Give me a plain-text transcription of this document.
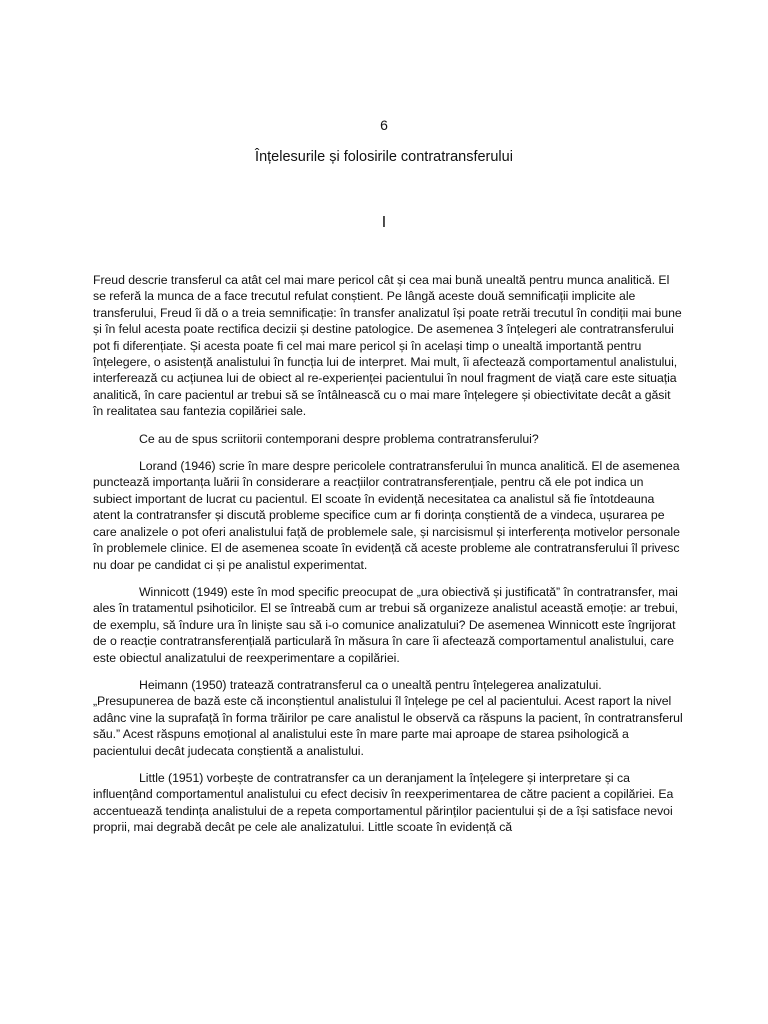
6
Înțelesurile și folosirile contratransferului
I

Freud descrie transferul ca atât cel mai mare pericol cât și cea mai bună unealtă pentru munca analitică. El se referă la munca de a face trecutul refulat conștient. Pe lângă aceste două semnificații implicite ale transferului, Freud îi dă o a treia semnificație: în transfer analizatul își poate retrăi trecutul în condiții mai bune și în felul acesta poate rectifica decizii și destine patologice. De asemenea 3 înțelegeri ale contratransferului pot fi diferențiate. Și acesta poate fi cel mai mare pericol și în același timp o unealtă importantă pentru înțelegere, o asistență analistului în funcția lui de interpret. Mai mult, îi afectează comportamentul analistului, interferează cu acțiunea lui de obiect al re-experienței pacientului în noul fragment de viață care este situația analitică, în care pacientul ar trebui să se întâlnească cu o mai mare înțelegere și obiectivitate decât a găsit în realitatea sau fantezia copilăriei sale.

Ce au de spus scriitorii contemporani despre problema contratransferului?

Lorand (1946) scrie în mare despre pericolele contratransferului în munca analitică. El de asemenea punctează importanța luării în considerare a reacțiilor contratransferențiale, pentru că ele pot indica un subiect important de lucrat cu pacientul. El scoate în evidență necesitatea ca analistul să fie întotdeauna atent la contratransfer și discută probleme specifice cum ar fi dorința conștientă de a vindeca, ușurarea pe care analizele o pot oferi analistului față de problemele sale, și narcisismul și interferența motivelor personale în problemele clinice. El de asemenea scoate în evidență că aceste probleme ale contratransferului îl privesc nu doar pe candidat ci și pe analistul experimentat.

Winnicott (1949) este în mod specific preocupat de „ura obiectivă și justificată” în contratransfer, mai ales în tratamentul psihoticilor. El se întreabă cum ar trebui să organizeze analistul această emoție: ar trebui, de exemplu, să îndure ura în liniște sau să i-o comunice analizatului? De asemenea Winnicott este îngrijorat de o reacție contratransferențială particulară în măsura în care îi afectează comportamentul analistului, care este obiectul analizatului de reexperimentare a copilăriei.

Heimann (1950) tratează contratransferul ca o unealtă pentru înțelegerea analizatului. „Presupunerea de bază este că inconștientul analistului îl înțelege pe cel al pacientului. Acest raport la nivel adânc vine la suprafață în forma trăirilor pe care analistul le observă ca răspuns la pacient, în contratransferul său.” Acest răspuns emoțional al analistului este în mare parte mai aproape de starea psihologică a pacientului decât judecata conștientă a analistului.

Little (1951) vorbește de contratransfer ca un deranjament la înțelegere și interpretare și ca influențând comportamentul analistului cu efect decisiv în reexperimentarea de către pacient a copilăriei. Ea accentuează tendința analistului de a repeta comportamentul părinților pacientului și de a își satisface nevoi proprii, mai degrabă decât pe cele ale analizatului. Little scoate în evidență că
